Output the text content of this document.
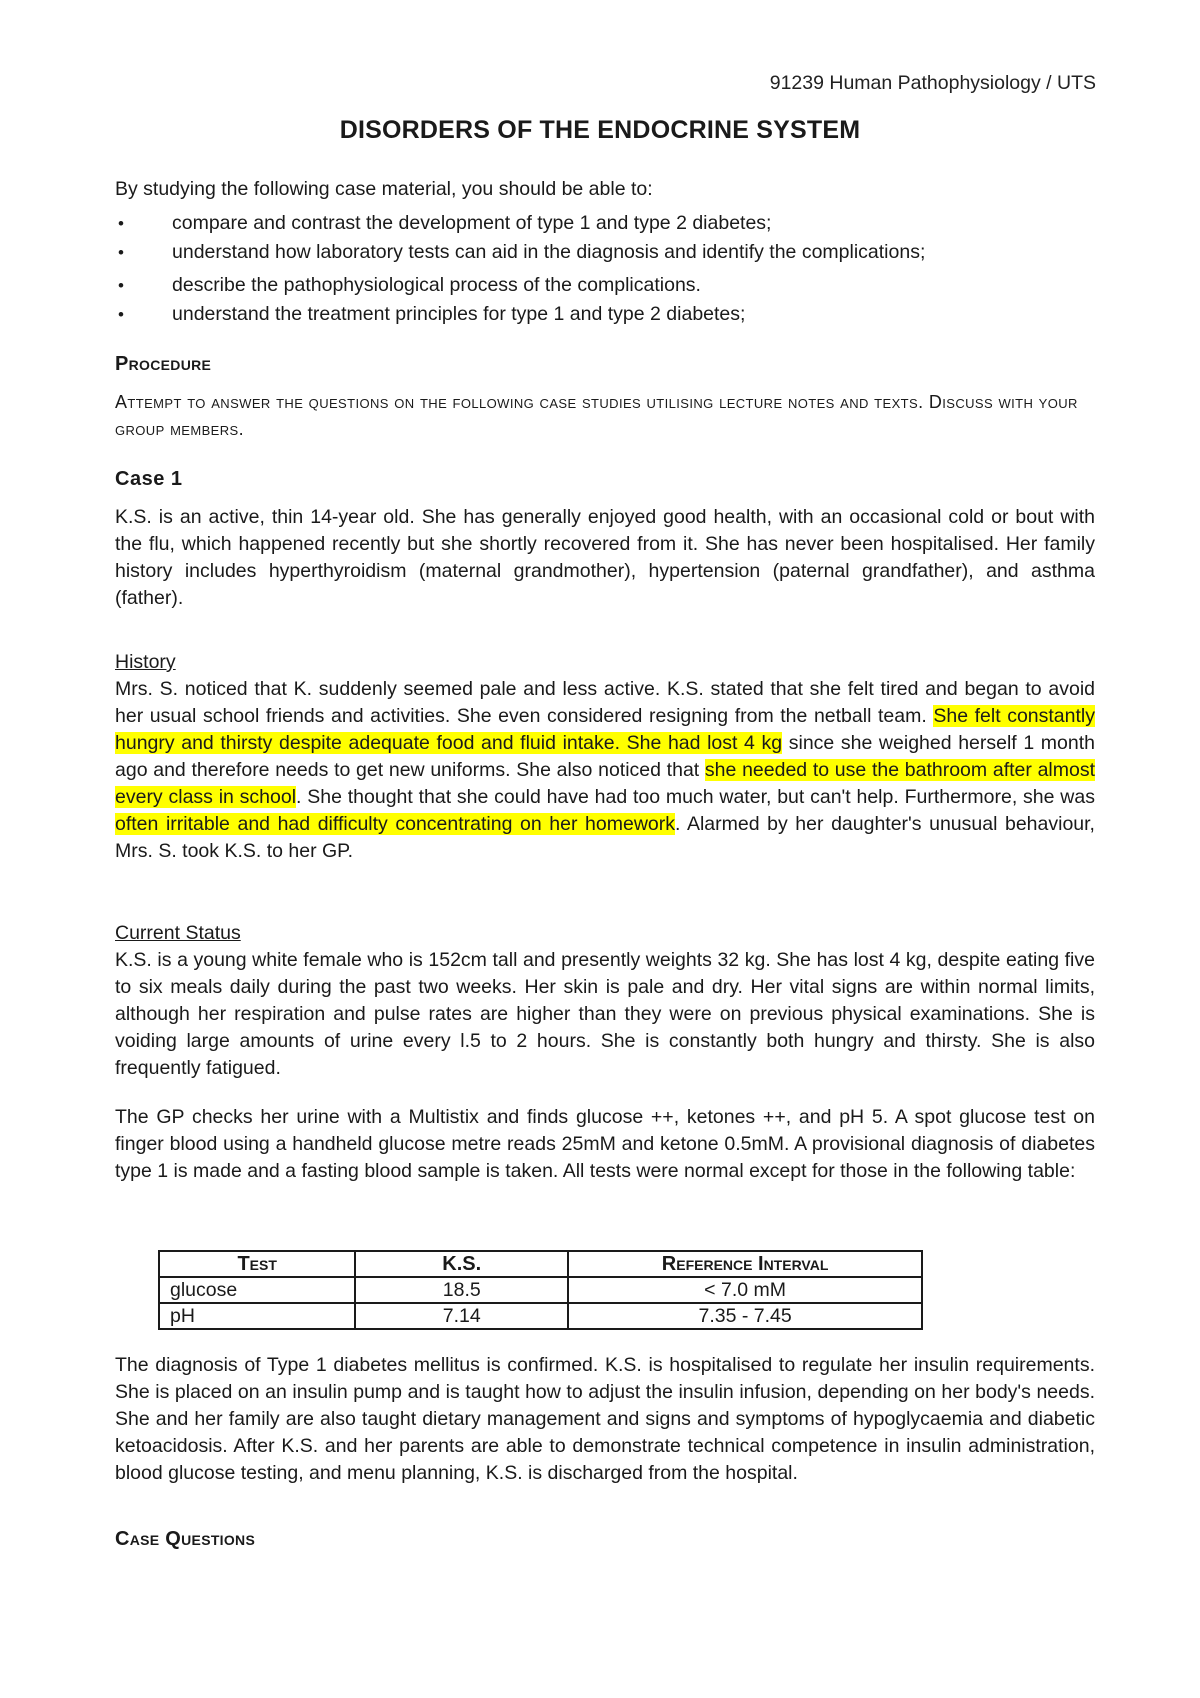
91239 Human Pathophysiology / UTS
DISORDERS OF THE ENDOCRINE SYSTEM
By studying the following case material, you should be able to:
• compare and contrast the development of type 1 and type 2 diabetes;
• understand how laboratory tests can aid in the diagnosis and identify the complications;
• describe the pathophysiological process of the complications.
• understand the treatment principles for type 1 and type 2 diabetes;
Procedure
Attempt to answer the questions on the following case studies utilising lecture notes and texts. Discuss with your group members.
Case 1
K.S. is an active, thin 14-year old. She has generally enjoyed good health, with an occasional cold or bout with the flu, which happened recently but she shortly recovered from it. She has never been hospitalised. Her family history includes hyperthyroidism (maternal grandmother), hypertension (paternal grandfather), and asthma (father).
History
Mrs. S. noticed that K. suddenly seemed pale and less active. K.S. stated that she felt tired and began to avoid her usual school friends and activities. She even considered resigning from the netball team. She felt constantly hungry and thirsty despite adequate food and fluid intake. She had lost 4 kg since she weighed herself 1 month ago and therefore needs to get new uniforms. She also noticed that she needed to use the bathroom after almost every class in school. She thought that she could have had too much water, but can't help. Furthermore, she was often irritable and had difficulty concentrating on her homework. Alarmed by her daughter's unusual behaviour, Mrs. S. took K.S. to her GP.
Current Status
K.S. is a young white female who is 152cm tall and presently weights 32 kg. She has lost 4 kg, despite eating five to six meals daily during the past two weeks. Her skin is pale and dry. Her vital signs are within normal limits, although her respiration and pulse rates are higher than they were on previous physical examinations. She is voiding large amounts of urine every l.5 to 2 hours. She is constantly both hungry and thirsty. She is also frequently fatigued.
The GP checks her urine with a Multistix and finds glucose ++, ketones ++, and pH 5. A spot glucose test on finger blood using a handheld glucose metre reads 25mM and ketone 0.5mM. A provisional diagnosis of diabetes type 1 is made and a fasting blood sample is taken. All tests were normal except for those in the following table:
Test	K.S.	Reference Interval
glucose	18.5	< 7.0 mM
pH	7.14	7.35 - 7.45
The diagnosis of Type 1 diabetes mellitus is confirmed. K.S. is hospitalised to regulate her insulin requirements. She is placed on an insulin pump and is taught how to adjust the insulin infusion, depending on her body's needs. She and her family are also taught dietary management and signs and symptoms of hypoglycaemia and diabetic ketoacidosis. After K.S. and her parents are able to demonstrate technical competence in insulin administration, blood glucose testing, and menu planning, K.S. is discharged from the hospital.
Case Questions
